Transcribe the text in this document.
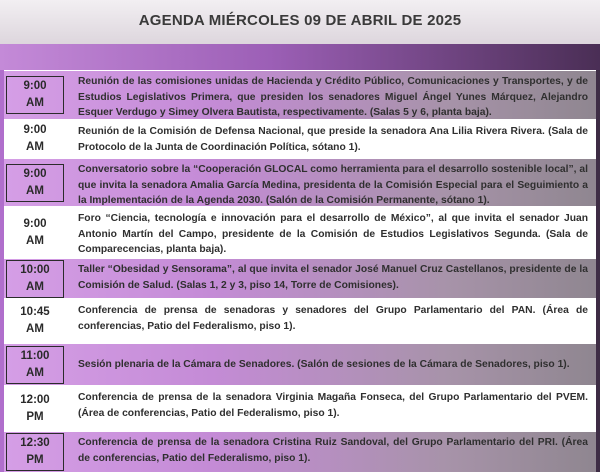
AGENDA MIÉRCOLES 09 DE ABRIL DE 2025
9:00
AM
Reunión de las comisiones unidas de Hacienda y Crédito Público, Comunicaciones y Transportes, y de Estudios Legislativos Primera, que presiden los senadores Miguel Ángel Yunes Márquez, Alejandro Esquer Verdugo y Simey Olvera Bautista, respectivamente. (Salas 5 y 6, planta baja).
9:00
AM
Reunión de la Comisión de Defensa Nacional, que preside la senadora Ana Lilia Rivera Rivera. (Sala de Protocolo de la Junta de Coordinación Política, sótano 1).
9:00
AM
Conversatorio sobre la “Cooperación GLOCAL como herramienta para el desarrollo sostenible local”, al que invita la senadora Amalia García Medina, presidenta de la Comisión Especial para el Seguimiento a la Implementación de la Agenda 2030. (Salón de la Comisión Permanente, sótano 1).
9:00
AM
Foro “Ciencia, tecnología e innovación para el desarrollo de México”, al que invita el senador Juan Antonio Martín del Campo, presidente de la Comisión de Estudios Legislativos Segunda. (Sala de Comparecencias, planta baja).
10:00
AM
Taller “Obesidad y Sensorama”, al que invita el senador José Manuel Cruz Castellanos, presidente de la Comisión de Salud. (Salas 1, 2 y 3, piso 14, Torre de Comisiones).
10:45
AM
Conferencia de prensa de senadoras y senadores del Grupo Parlamentario del PAN. (Área de conferencias, Patio del Federalismo, piso 1).
11:00
AM
Sesión plenaria de la Cámara de Senadores. (Salón de sesiones de la Cámara de Senadores, piso 1).
12:00
PM
Conferencia de prensa de la senadora Virginia Magaña Fonseca, del Grupo Parlamentario del PVEM. (Área de conferencias, Patio del Federalismo, piso 1).
12:30
PM
Conferencia de prensa de la senadora Cristina Ruiz Sandoval, del Grupo Parlamentario del PRI. (Área de conferencias, Patio del Federalismo, piso 1).
